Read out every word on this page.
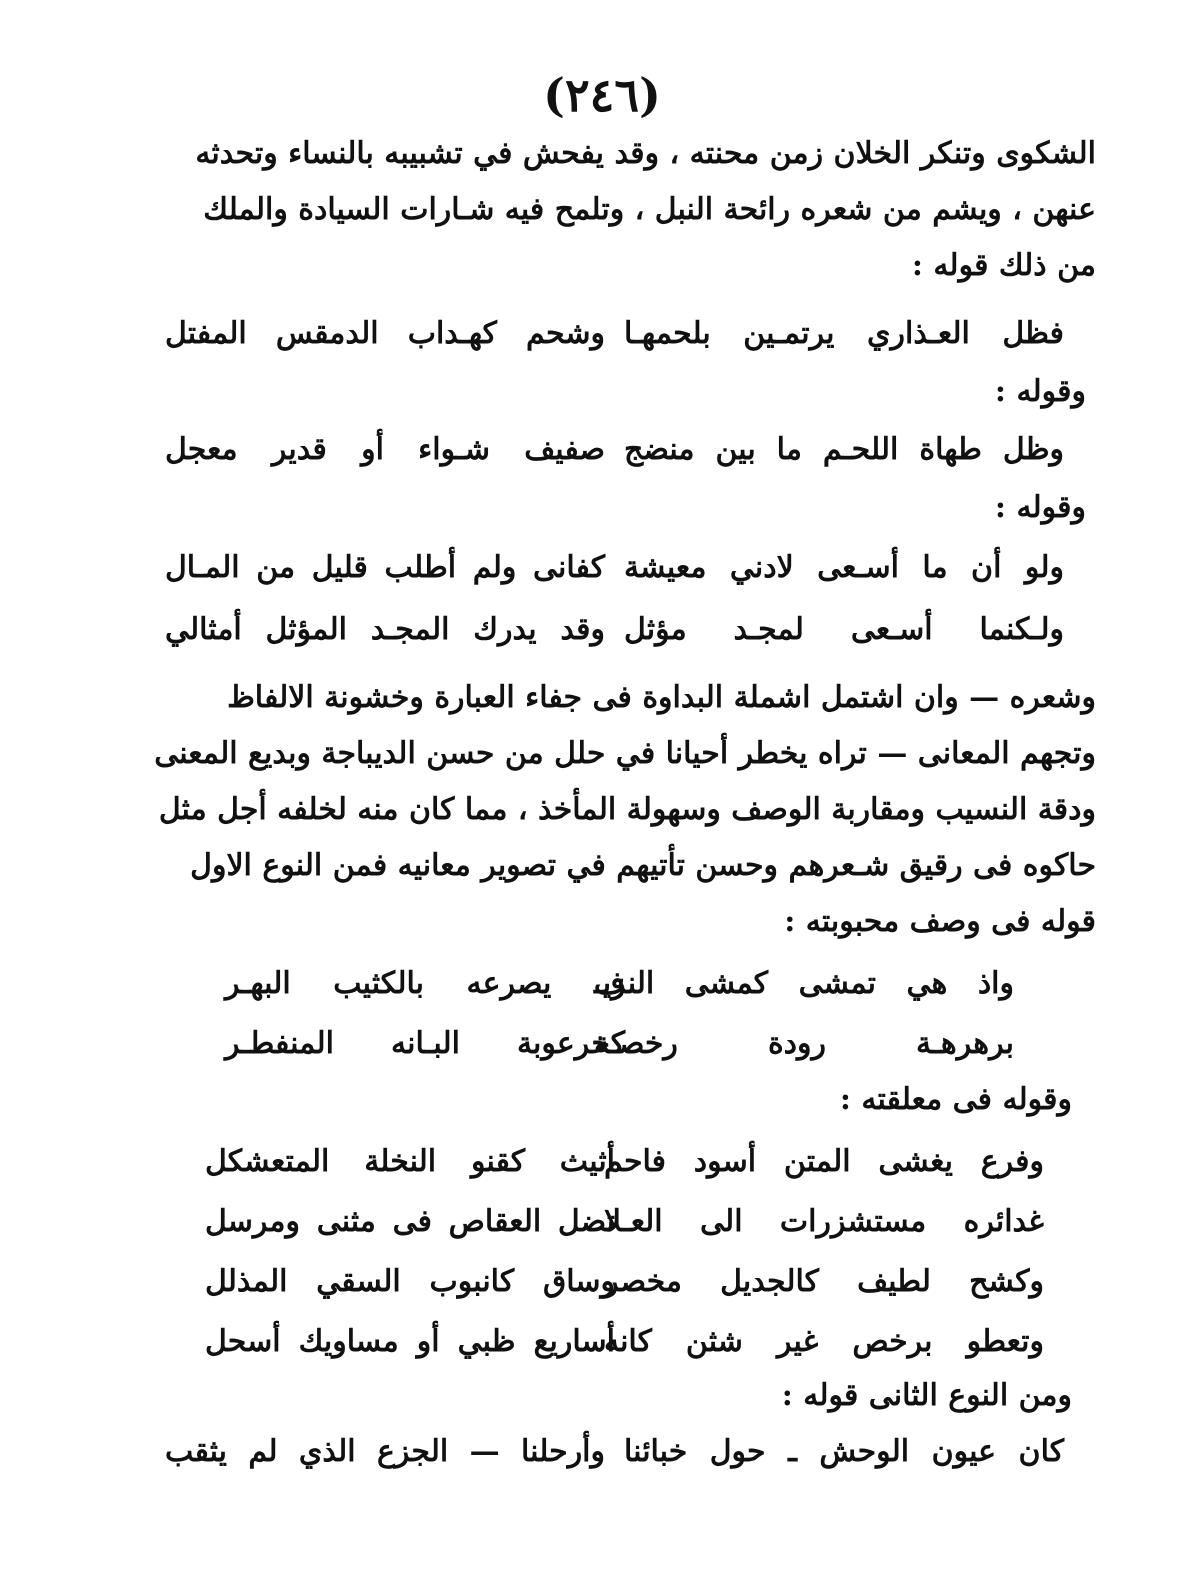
(٢٤٦)
الشكوى وتنكر الخلان زمن محنته ، وقد يفحش في تشبيبه بالنساء وتحدثه
عنهن ، ويشم من شعره رائحة النبل ، وتلمح فيه شـارات السيادة والملك
من ذلك قوله :
فظل العـذاري يرتمـين بلحمهـا
وشحم كهـداب الدمقس المفتل
وقوله :
وظل طهاة اللحـم ما بين منضج
صفيف شـواء أو قدير معجل
وقوله :
ولو أن ما أسـعى لادني معيشة
كفانى ولم أطلب قليل من المـال
ولـكنما أسـعى لمجـد مؤثل
وقد يدرك المجـد المؤثل أمثالي
وشعره — وان اشتمل اشملة البداوة فى جفاء العبارة وخشونة الالفاظ
وتجهم المعانى — تراه يخطر أحيانا في حلل من حسن الديباجة وبديع المعنى
ودقة النسيب ومقاربة الوصف وسهولة المأخذ ، مما كان منه لخلفه أجل مثل
حاكوه فى رقيق شـعرهم وحسن تأتيهم في تصوير معانيه فمن النوع الاول
قوله فى وصف محبوبته :
واذ هي تمشى كمشى النزيـ
ف يصرعه بالكثيب البهـر
برهرهـة رودة رخصـة
كخرعوبة البـانه المنفطـر
وقوله فى معلقته :
وفرع يغشى المتن أسود فاحم
أثيث كقنو النخلة المتعشكل
غدائره مستشزرات الى العـلا
تضل العقاص فى مثنى ومرسل
وكشح لطيف كالجديل مخصر
وساق كانبوب السقي المذلل
وتعطو برخص غير شثن كانه
أساريع ظبي أو مساويك أسحل
ومن النوع الثانى قوله :
كان عيون الوحش ـ حول خبائنا
وأرحلنا — الجزع الذي لم يثقب
